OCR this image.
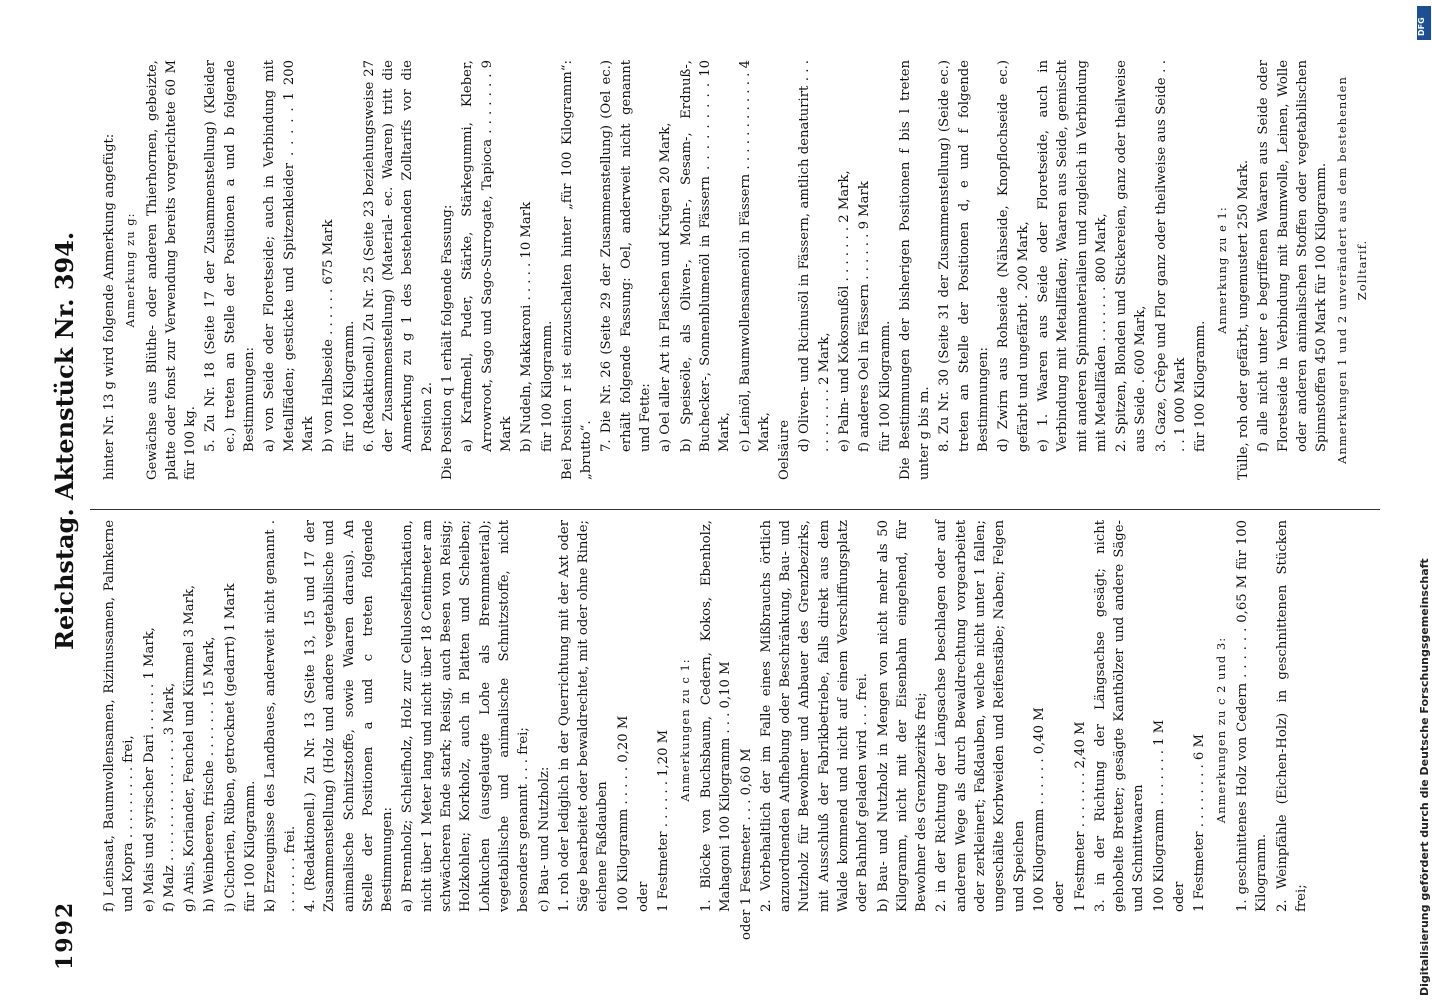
1992
Reichstag. Aktenstück Nr. 394.
f) Leinsaat, Baumwollensamen, Rizinussamen, Palmkerne und Kopra . . . . . . . . . frei, e) Mais und syrischer Dari . . . . . . 1 Mark, f) Malz . . . . . . . . . . . . . . . 3 Mark, g) Anis, Koriander, Fenchel und Kümmel 3 Mark, h) Weinbeeren, frische . . . . . . . 15 Mark, i) Cichorien, Rüben, getrocknet (gedarrt) 1 Mark für 100 Kilogramm. k) Erzeugnisse des Landbaues, anderweit nicht genannt . . . . . . . . frei. 4. (Redaktionell.) Zu Nr. 13 (Seite 13, 15 und 17 der Zusammenstellung) (Holz und andere vegetabilische und animalische Schnitzstoffe, sowie Waaren daraus). An Stelle der Positionen a und c treten folgende Bestimmungen: a) Brennholz; Schleifholz, Holz zur Celluloselfabrikation, nicht über 1 Meter lang und nicht über 18 Centimeter am schwächeren Ende stark; Reisig, auch Besen von Reisig; Holzkohlen; Korkholz, auch in Platten und Scheiben; Lohkuchen (ausgelaugte Lohe als Brennmaterial); vegetabilische und animalische Schnitzstoffe, nicht besonders genannt . . . frei; c) Bau- und Nutzholz: 1. roh oder lediglich in der Querrichtung mit der Axt oder Säge bearbeitet oder bewaldrechtet, mit oder ohne Rinde; eichene Faßdauben 100 Kilogramm . . . . . 0,20 M oder 1 Festmeter . . . . . . 1,20 M Anmerkungen zu c 1: 1. Blöcke von Buchsbaum, Cedern, Kokos, Ebenholz, Mahagoni 100 Kilogramm . . . 0,10 M oder 1 Festmeter . . . 0,60 M 2. Vorbehaltlich der im Falle eines Mißbrauchs örtlich anzuordnenden Aufhebung oder Beschränkung, Bau- und Nutzholz für Bewohner und Anbauer des Grenzbezirks, mit Ausschluß der Fabrikbetriebe, falls direkt aus dem Walde kommend und nicht auf einem Verschiffungsplatz oder Bahnhof geladen wird . . . frei. b) Bau- und Nutzholz in Mengen von nicht mehr als 50 Kilogramm, nicht mit der Eisenbahn eingehend, für Bewohner des Grenzbezirks frei; 2. in der Richtung der Längsachse beschlagen oder auf anderem Wege als durch Bewaldrechtung vorgearbeitet oder zerkleinert; Faßdauben, welche nicht unter 1 fallen; ungeschälte Korbweiden und Reifenstäbe; Naben; Felgen und Speichen 100 Kilogramm . . . . . . 0,40 M oder 1 Festmeter . . . . . . . 2,40 M 3. in der Richtung der Längsachse gesägt; nicht gehobelte Bretter; gesägte Kanthölzer und andere Säge- und Schnittwaaren 100 Kilogramm . . . . . . . 1 M oder 1 Festmeter . . . . . . . . 6 M Anmerkungen zu c 2 und 3: 1. geschnittenes Holz von Cedern . . . . . . 0,65 M für 100 Kilogramm. 2. Weinpfähle (Eichen-Holz) in geschnittenen Stücken frei;
hinter Nr. 13 g wird folgende Anmerkung angefügt: Anmerkung zu g: Gewächse aus Blüthe- oder anderen Thierhornen, gebeizte, platte oder fonst zur Verwendung bereits vorgerichtete 60 M für 100 kg. 5. Zu Nr. 18 (Seite 17 der Zusammenstellung) (Kleider ec.) treten an Stelle der Positionen a und b folgende Bestimmungen: a) von Seide oder Floretseide; auch in Verbindung mit Metallfäden; gestickte und Spitzenkleider . . . . . 1 200 Mark b) von Halbseide . . . . . . 675 Mark für 100 Kilogramm. 6. (Redaktionell.) Zu Nr. 25 (Seite 23 beziehungsweise 27 der Zusammenstellung) (Material- ec. Waaren) tritt die Anmerkung zu g 1 des bestehenden Zolltarifs vor die Position 2. Die Position q 1 erhält folgende Fassung: a) Kraftmehl, Puder, Stärke, Stärkegummi, Kleber, Arrowroot, Sago und Sago-Surrogate, Tapioca . . . . . . . 9 Mark b) Nudeln, Makkaroni . . . . . 10 Mark für 100 Kilogramm. Bei Position r ist einzuschalten hinter „für 100 Kilogramm“: „brutto“. 7. Die Nr. 26 (Seite 29 der Zusammenstellung) (Oel ec.) erhält folgende Fassung: Oel, anderweit nicht genannt und Fette: a) Oel aller Art in Flaschen und Krügen 20 Mark, b) Speiseöle, als Oliven-, Mohn-, Sesam-, Erdnuß-, Buchecker-, Sonnenblumenöl in Fässern . . . . . . . . . 10 Mark, c) Leinöl, Baumwollensamenöl in Fässern . . . . . . . . . . . . 4 Mark, Oelsäure d) Oliven- und Ricinusöl in Fässern, amtlich denaturirt . . . . . . . . . . . 2 Mark, e) Palm- und Kokosnußöl . . . . . . . 2 Mark, f) anderes Oel in Fässern . . . . . . 9 Mark für 100 Kilogramm. Die Bestimmungen der bisherigen Positionen f bis l treten unter g bis m. 8. Zu Nr. 30 (Seite 31 der Zusammenstellung) (Seide ec.) treten an Stelle der Positionen d, e und f folgende Bestimmungen: d) Zwirn aus Rohseide (Nähseide, Knopflochseide ec.) gefärbt und ungefärbt . 200 Mark, e) 1. Waaren aus Seide oder Floretseide, auch in Verbindung mit Metallfäden; Waaren aus Seide, gemischt mit anderen Spinnmaterialien und zugleich in Verbindung mit Metallfäden . . . . . . . 800 Mark, 2. Spitzen, Blonden und Stickereien, ganz oder theilweise aus Seide . 600 Mark, 3. Gaze, Crêpe und Flor ganz oder theilweise aus Seide . . . . 1 000 Mark für 100 Kilogramm.
Anmerkung zu e 1: Tülle, roh oder gefärbt, ungemustert 250 Mark. f) alle nicht unter e begriffenen Waaren aus Seide oder Floretseide in Verbindung mit Baumwolle, Leinen, Wolle oder anderen animalischen Stoffen oder vegetabilischen Spinnstoffen 450 Mark für 100 Kilogramm. Anmerkungen 1 und 2 unverändert aus dem bestehenden Zolltarif.
Digitalisierung gefördert durch die Deutsche Forschungsgemeinschaft
DFG
